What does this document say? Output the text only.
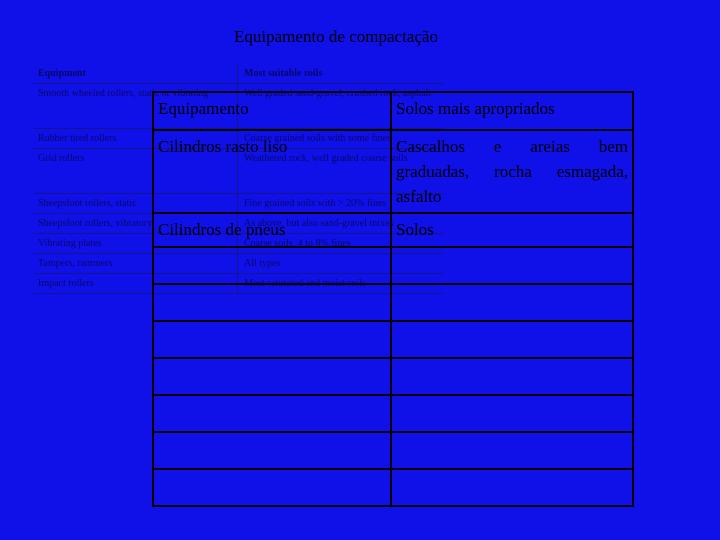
Equipamento de compactação
Equipment	Most suitable soils
Smooth wheeled rollers, static or vibrating	Well graded sand-gravel, crushed rock, asphalt
Rubber tired rollers	Coarse grained soils with some fines
Grid rollers	Weathered rock, well graded coarse soils
Sheepsfoot rollers, static	Fine grained soils with > 20% fines
Sheepsfoot rollers, vibratory	As above, but also sand-gravel mixes
Vibrating plates	Coarse soils, 4 to 8% fines
Tampers, rammers	All types
Impact rollers	Most saturated and moist soils
Equipamento	Solos mais apropriados
Cilindros rasto liso	Cascalhos e areias bem graduadas, rocha esmagada, asfalto
Cilindros de pneus	Solos
